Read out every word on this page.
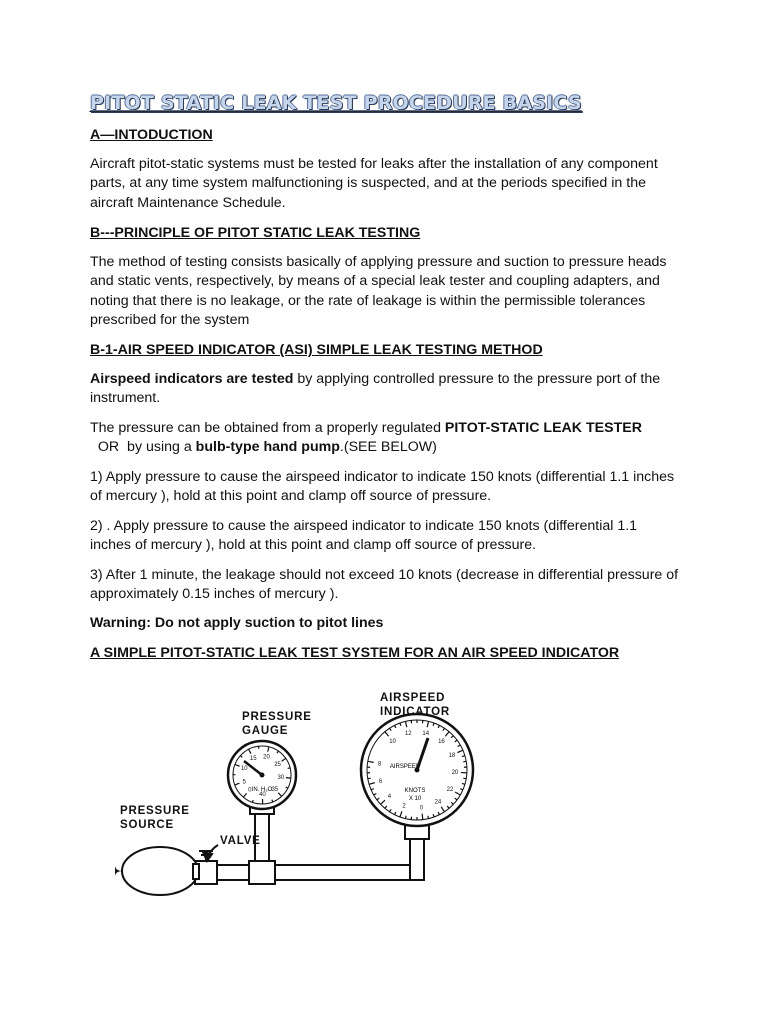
PITOT STATIC LEAK TEST PROCEDURE BASICS
A—INTODUCTION
Aircraft pitot-static systems must be tested for leaks after the installation of any component parts, at any time system malfunctioning is suspected, and at the periods specified in the aircraft Maintenance Schedule.
B---PRINCIPLE OF PITOT STATIC LEAK TESTING
The method of testing consists basically of applying pressure and suction to pressure heads and static vents, respectively, by means of a special leak tester and coupling adapters, and noting that there is no leakage, or the rate of leakage is within the permissible tolerances prescribed for the system
B-1-AIR SPEED INDICATOR (ASI) SIMPLE LEAK TESTING METHOD
Airspeed indicators are tested by applying controlled pressure to the pressure port of the instrument.
The pressure can be obtained from a properly regulated PITOT-STATIC LEAK TESTER  OR  by using a bulb-type hand pump.(SEE BELOW)
1) Apply pressure to cause the airspeed indicator to indicate 150 knots (differential 1.1 inches of mercury ), hold at this point and clamp off source of pressure.
2) . Apply pressure to cause the airspeed indicator to indicate 150 knots (differential 1.1 inches of mercury ), hold at this point and clamp off source of pressure.
3) After 1 minute, the leakage should not exceed 10 knots (decrease in differential pressure of approximately 0.15 inches of mercury ).
Warning: Do not apply suction to pitot lines
A SIMPLE PITOT-STATIC LEAK TEST SYSTEM FOR AN AIR SPEED INDICATOR
5
10
15 20
25
30
35
40
0 IN. H₂O
10
12 14
16
18
20
22
24
0
2
4
6
8 AIRSPEED
KNOTS
X 10
AIRSPEED
INDICATOR
PRESSURE
GAUGE
PRESSURE
SOURCE
VALVE
